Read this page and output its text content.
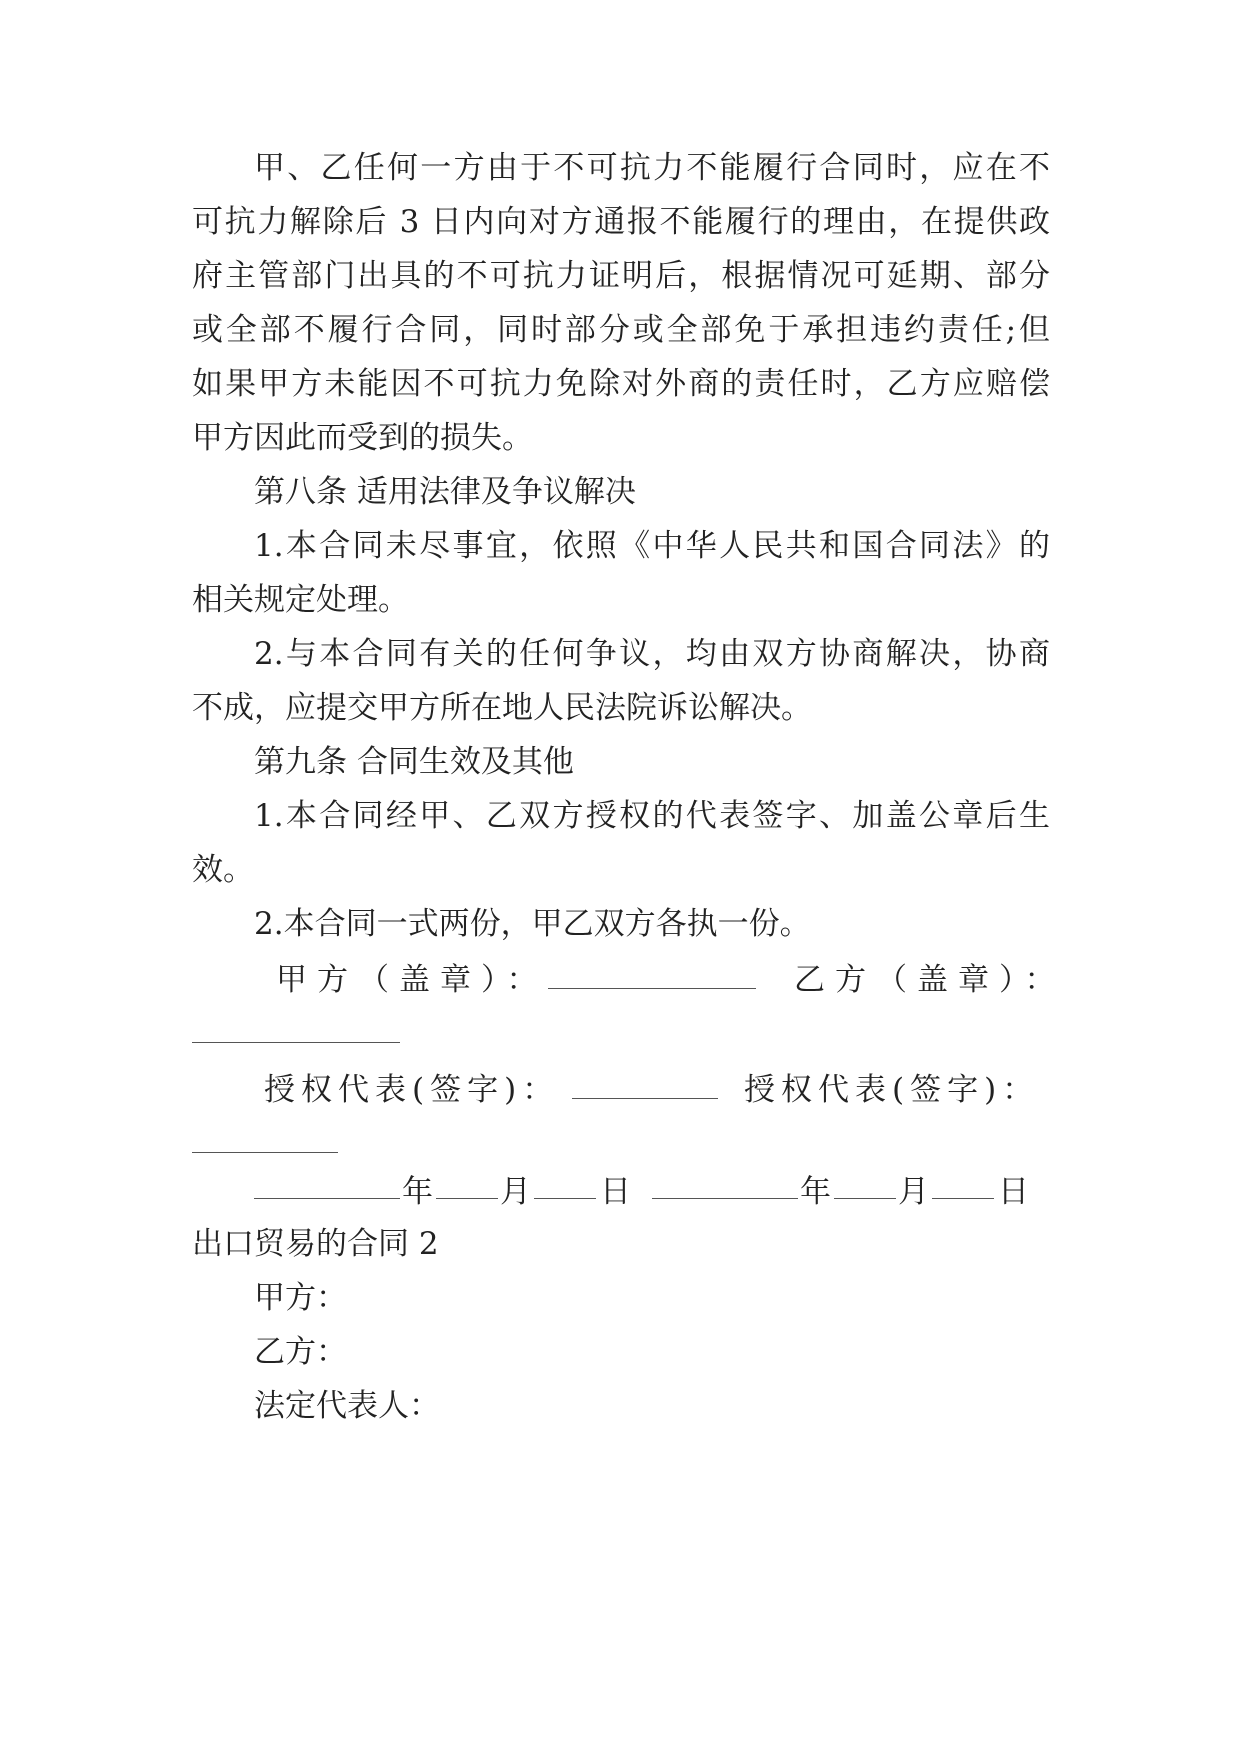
甲、乙任何一方由于不可抗力不能履行合同时，应在不
可抗力解除后 3 日内向对方通报不能履行的理由，在提供政
府主管部门出具的不可抗力证明后，根据情况可延期、部分
或全部不履行合同，同时部分或全部免于承担违约责任;但
如果甲方未能因不可抗力免除对外商的责任时，乙方应赔偿
甲方因此而受到的损失。
第八条 适用法律及争议解决
1.本合同未尽事宜，依照《中华人民共和国合同法》的
相关规定处理。
2.与本合同有关的任何争议，均由双方协商解决，协商
不成，应提交甲方所在地人民法院诉讼解决。
第九条 合同生效及其他
1.本合同经甲、乙双方授权的代表签字、加盖公章后生
效。
2.本合同一式两份，甲乙双方各执一份。
甲方（盖章）：	乙方（盖章）：
授权代表(签字)：	授权代表(签字)：
年 月 日	年 月 日
出口贸易的合同 2
甲方：
乙方：
法定代表人：
